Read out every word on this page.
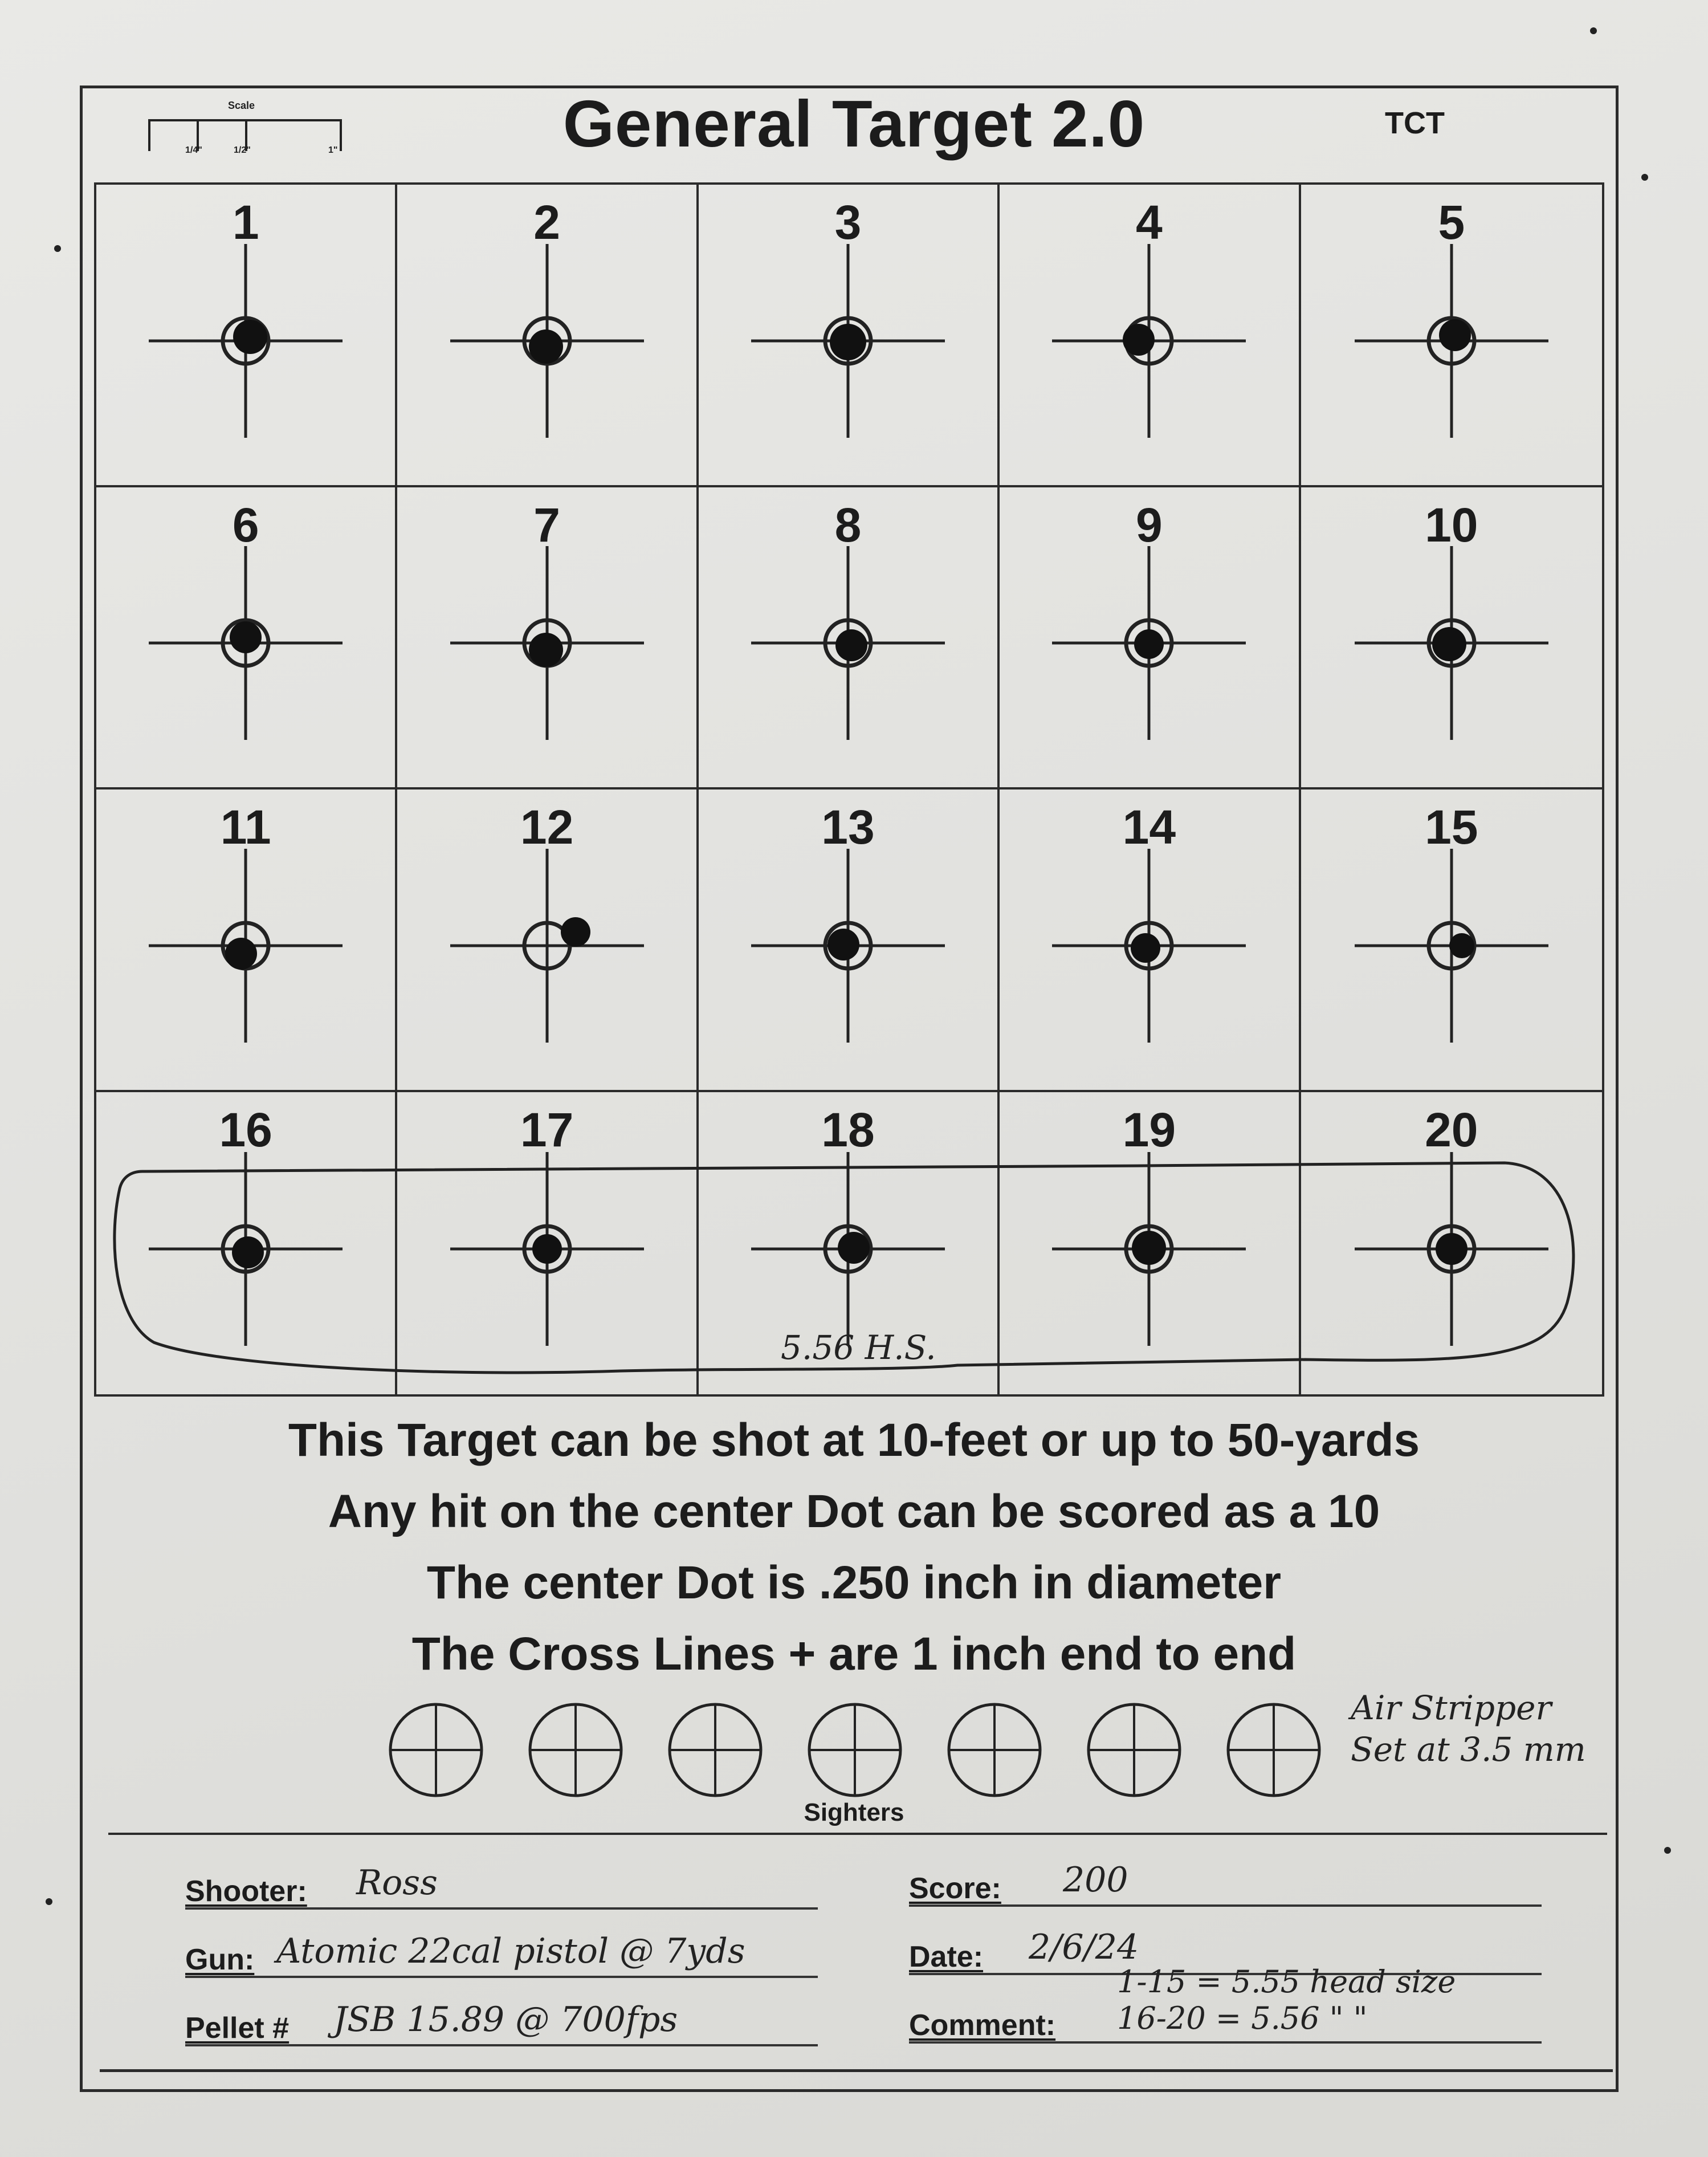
Scale
1/4"	1/2"	1"	General Target 2.0	TCT
1	2	3	4	5
6	7	8	9	10
11	12	13	14	15
16	17	18	19	20
5.56 H.S.
This Target can be shot at 10-feet or up to 50-yards
Any hit on the center Dot can be scored as a 10
The center Dot is .250 inch in diameter
The Cross Lines + are 1 inch end to end
Sighters
Air Stripper
Set at 3.5 mm
Shooter: Ross
Gun: Atomic 22cal pistol @ 7yds
Pellet # JSB 15.89 @ 700fps
Score: 200
Date: 2/6/24
Comment:
1-15 = 5.55 head size
16-20 = 5.56 " "
